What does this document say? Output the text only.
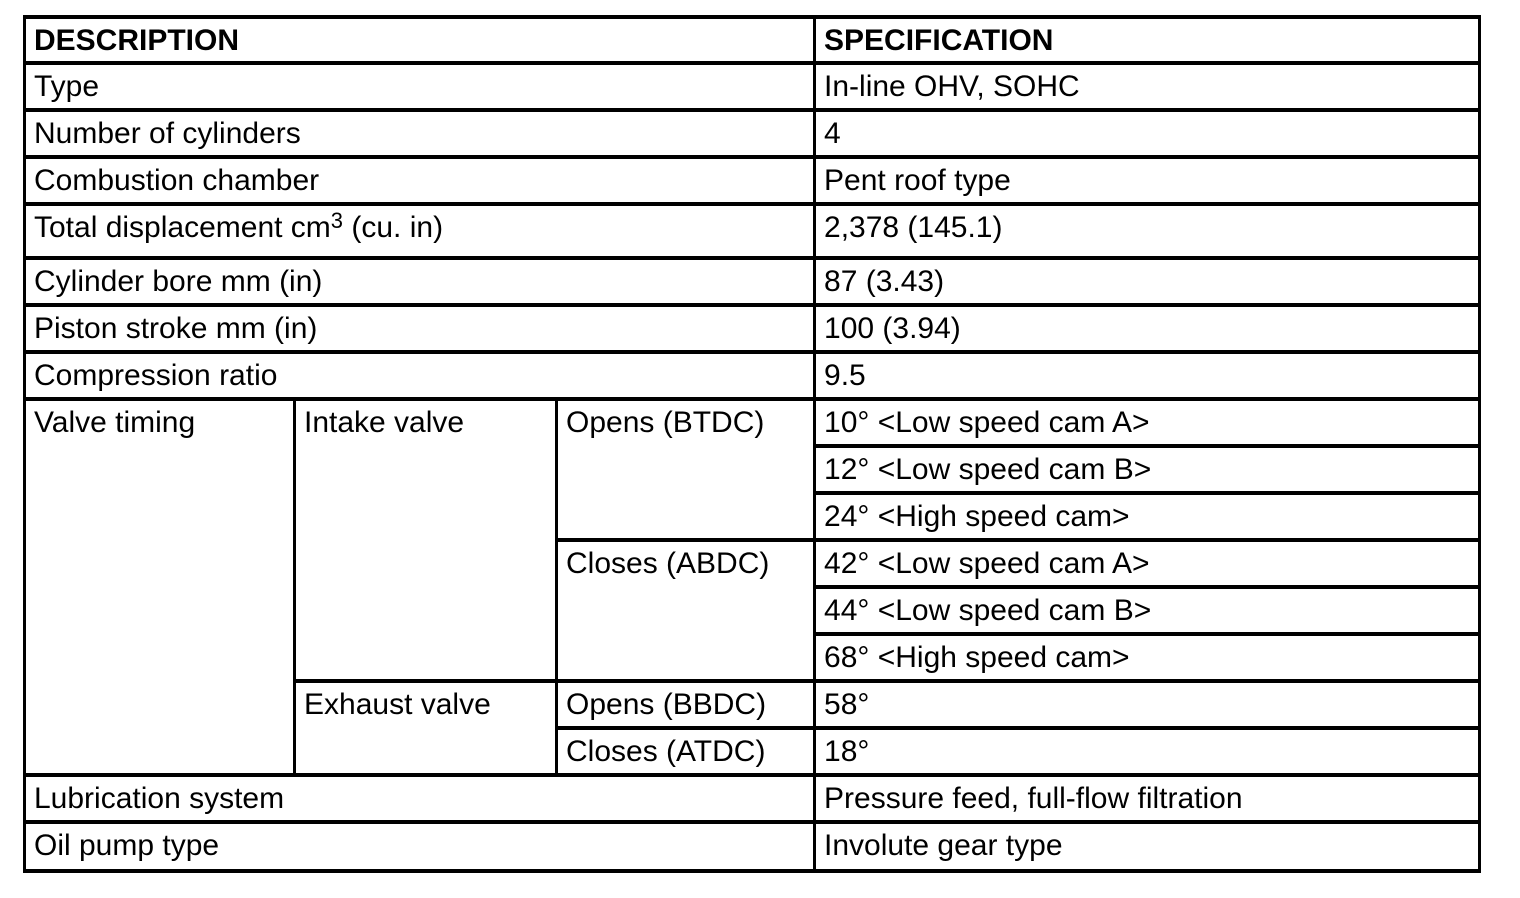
DESCRIPTION			SPECIFICATION
Type			In-line OHV, SOHC
Number of cylinders			4
Combustion chamber			Pent roof type
Total displacement $cm^3$ (cu. in)			2,378 (145.1)
Cylinder bore mm (in)			87 (3.43)
Piston stroke mm (in)			100 (3.94)
Compression ratio			9.5
Valve timing	Intake valve	Opens (BTDC)	10° <Low speed cam A>
			12° <Low speed cam B>
			24° <High speed cam>
		Closes (ABDC)	42° <Low speed cam A>
			44° <Low speed cam B>
			68° <High speed cam>
	Exhaust valve	Opens (BBDC)	58°
		Closes (ATDC)	18°
Lubrication system			Pressure feed, full-flow filtration
Oil pump type			Involute gear type
